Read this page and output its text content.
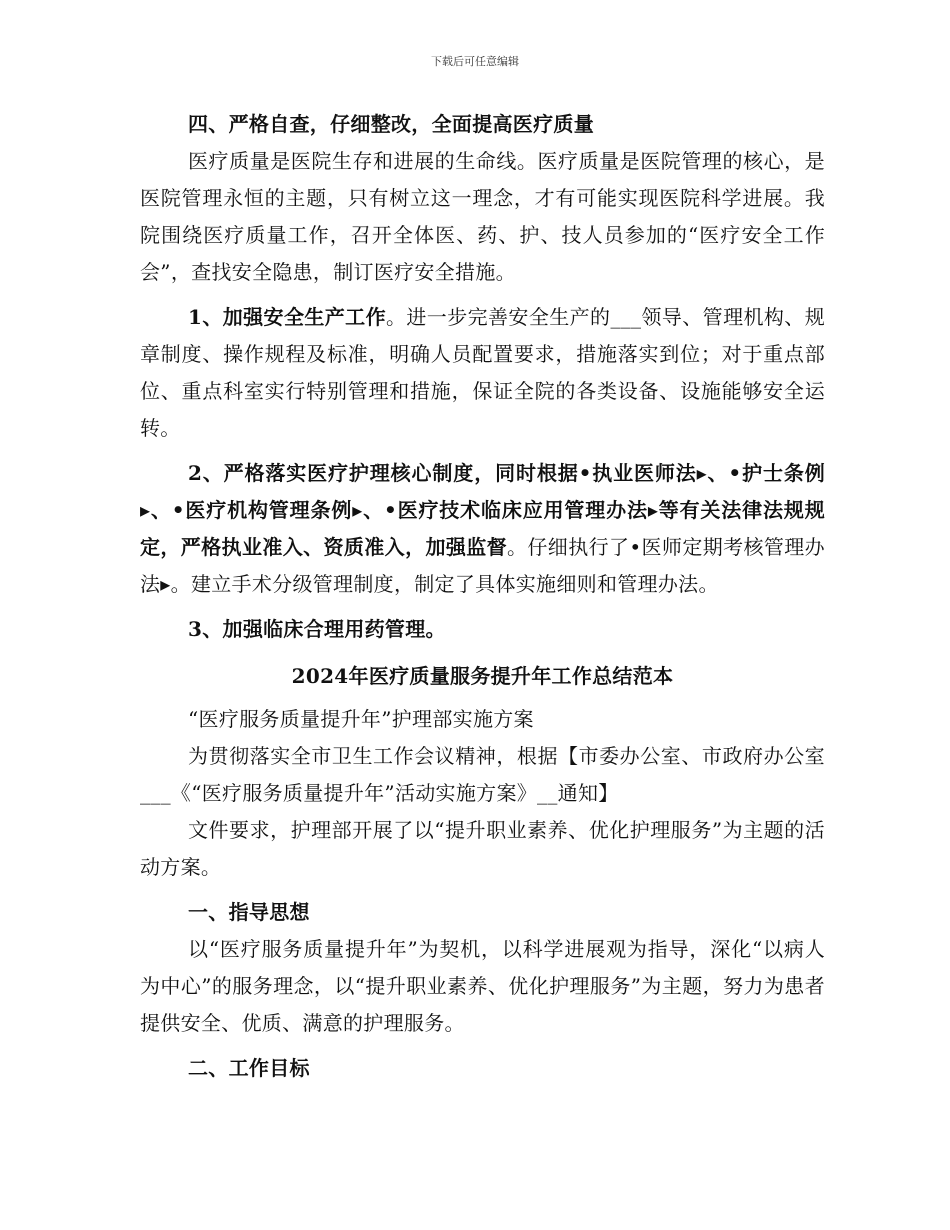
下载后可任意编辑

四、严格自查，仔细整改，全面提高医疗质量

医疗质量是医院生存和进展的生命线。医疗质量是医院管理的核心，是医院管理永恒的主题，只有树立这一理念，才有可能实现医院科学进展。我院围绕医疗质量工作，召开全体医、药、护、技人员参加的“医疗安全工作会”，查找安全隐患，制订医疗安全措施。

1、加强安全生产工作。进一步完善安全生产的___领导、管理机构、规章制度、操作规程及标准，明确人员配置要求，措施落实到位；对于重点部位、重点科室实行特别管理和措施，保证全院的各类设备、设施能够安全运转。

2、严格落实医疗护理核心制度，同时根据•执业医师法▸、•护士条例▸、•医疗机构管理条例▸、•医疗技术临床应用管理办法▸等有关法律法规规定，严格执业准入、资质准入，加强监督。仔细执行了•医师定期考核管理办法▸。建立手术分级管理制度，制定了具体实施细则和管理办法。

3、加强临床合理用药管理。

2024年医疗质量服务提升年工作总结范本

“医疗服务质量提升年”护理部实施方案

为贯彻落实全市卫生工作会议精神，根据【市委办公室、市政府办公室___《“医疗服务质量提升年”活动实施方案》__通知】

文件要求，护理部开展了以“提升职业素养、优化护理服务”为主题的活动方案。

一、指导思想

以“医疗服务质量提升年”为契机，以科学进展观为指导，深化“以病人为中心”的服务理念，以“提升职业素养、优化护理服务”为主题，努力为患者提供安全、优质、满意的护理服务。

二、工作目标
